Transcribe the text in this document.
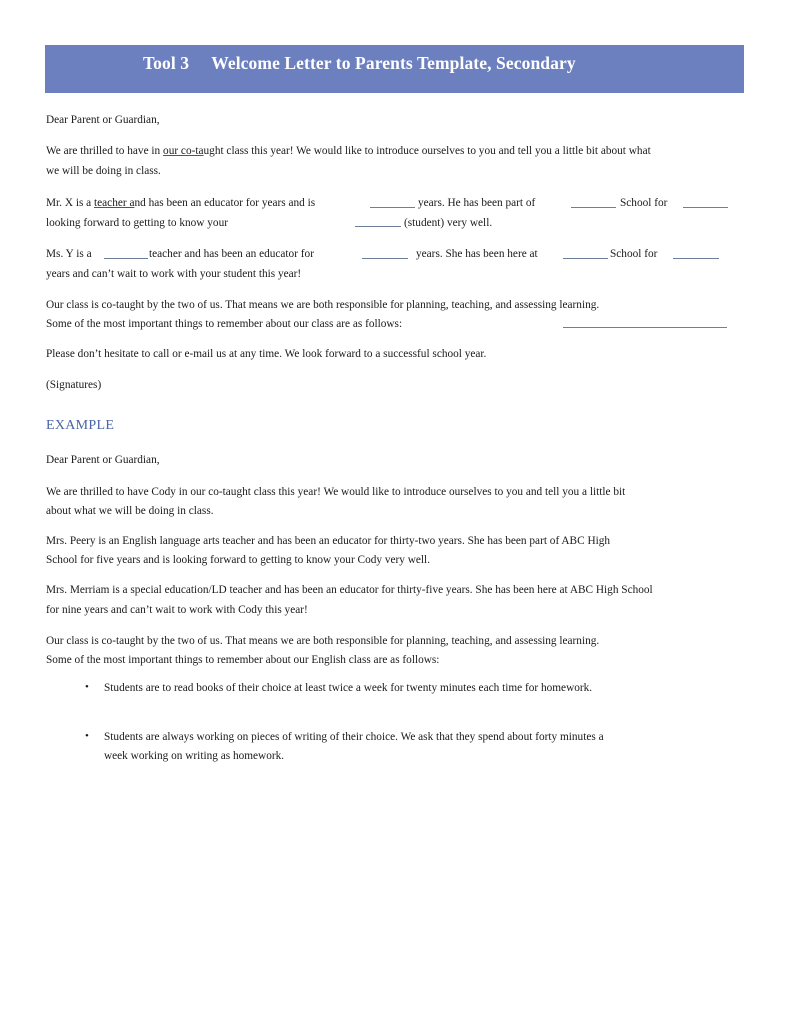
Tool 3     Welcome Letter to Parents Template, Secondary
Dear Parent or Guardian,
We are thrilled to have in our co-taught class this year! We would like to introduce ourselves to you and tell you a little bit about what
we will be doing in class.
Mr. X is a teacher and has been an educator for years and is	years. He has been part of	School for
looking forward to getting to know your	(student) very well.
Ms. Y is a	teacher and has been an educator for	years. She has been here at	School for
years and can’t wait to work with your student this year!
Our class is co-taught by the two of us. That means we are both responsible for planning, teaching, and assessing learning.
Some of the most important things to remember about our class are as follows:
Please don’t hesitate to call or e-mail us at any time. We look forward to a successful school year.
(Signatures)
EXAMPLE
Dear Parent or Guardian,
We are thrilled to have Cody in our co-taught class this year! We would like to introduce ourselves to you and tell you a little bit
about what we will be doing in class.
Mrs. Peery is an English language arts teacher and has been an educator for thirty-two years. She has been part of ABC High
School for five years and is looking forward to getting to know your Cody very well.
Mrs. Merriam is a special education/LD teacher and has been an educator for thirty-five years. She has been here at ABC High School
for nine years and can’t wait to work with Cody this year!
Our class is co-taught by the two of us. That means we are both responsible for planning, teaching, and assessing learning.
Some of the most important things to remember about our English class are as follows:
• Students are to read books of their choice at least twice a week for twenty minutes each time for homework.
• Students are always working on pieces of writing of their choice. We ask that they spend about forty minutes a
week working on writing as homework.
